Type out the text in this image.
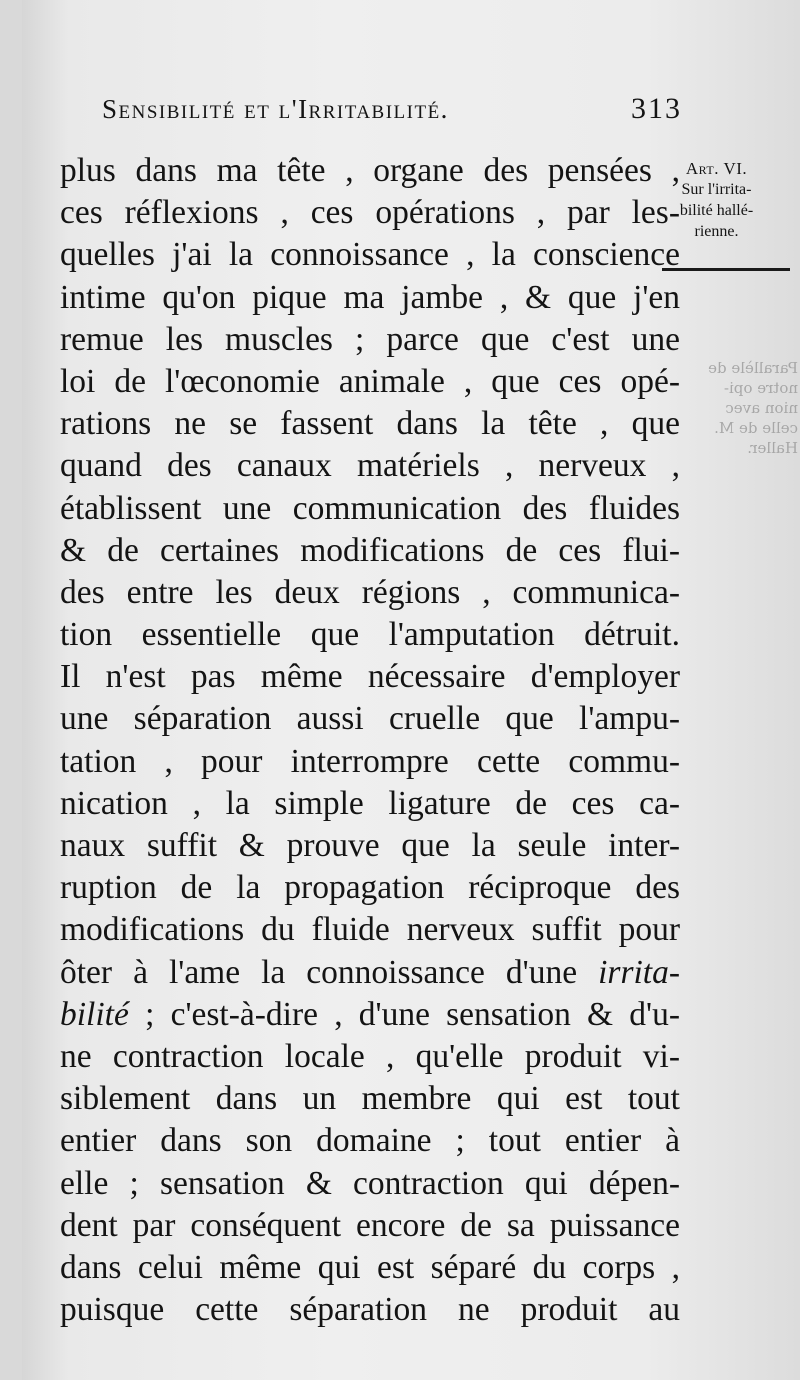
Sensibilité et l'Irritabilité.	313
Art. VI.
Sur l'irrita-
bilité hallé-
rienne.
Parallèle de
notre opi-
nion avec
celle de M.
Haller.
plus dans ma tête , organe des pensées ,
ces réflexions , ces opérations , par les-
quelles j'ai la connoissance , la conscience
intime qu'on pique ma jambe , & que j'en
remue les muscles ; parce que c'est une
loi de l'œconomie animale , que ces opé-
rations ne se fassent dans la tête , que
quand des canaux matériels , nerveux ,
établissent une communication des fluides
& de certaines modifications de ces flui-
des entre les deux régions , communica-
tion essentielle que l'amputation détruit.
Il n'est pas même nécessaire d'employer
une séparation aussi cruelle que l'ampu-
tation , pour interrompre cette commu-
nication , la simple ligature de ces ca-
naux suffit & prouve que la seule inter-
ruption de la propagation réciproque des
modifications du fluide nerveux suffit pour
ôter à l'ame la connoissance d'une irrita-
bilité ; c'est-à-dire , d'une sensation & d'u-
ne contraction locale , qu'elle produit vi-
siblement dans un membre qui est tout
entier dans son domaine ; tout entier à
elle ; sensation & contraction qui dépen-
dent par conséquent encore de sa puissance
dans celui même qui est séparé du corps ,
puisque cette séparation ne produit au
